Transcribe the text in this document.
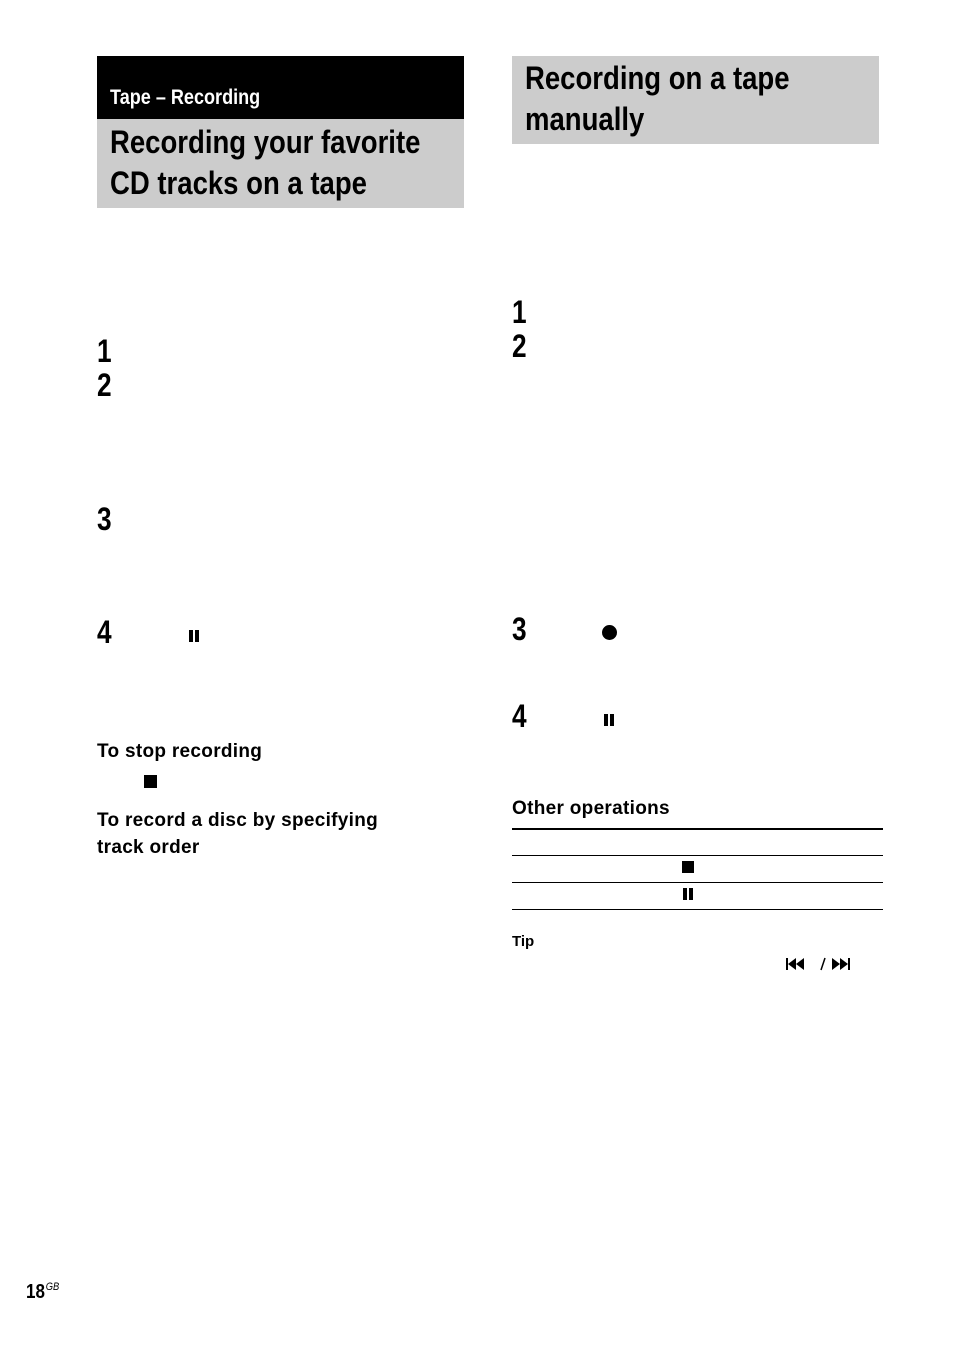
Tape – Recording
Recording your favorite
CD tracks on a tape
1
2
3
4
To stop recording
To record a disc by specifying
track order
Recording on a tape
manually
1
2
3
4
Other operations
Tip
$18^{GB}$
